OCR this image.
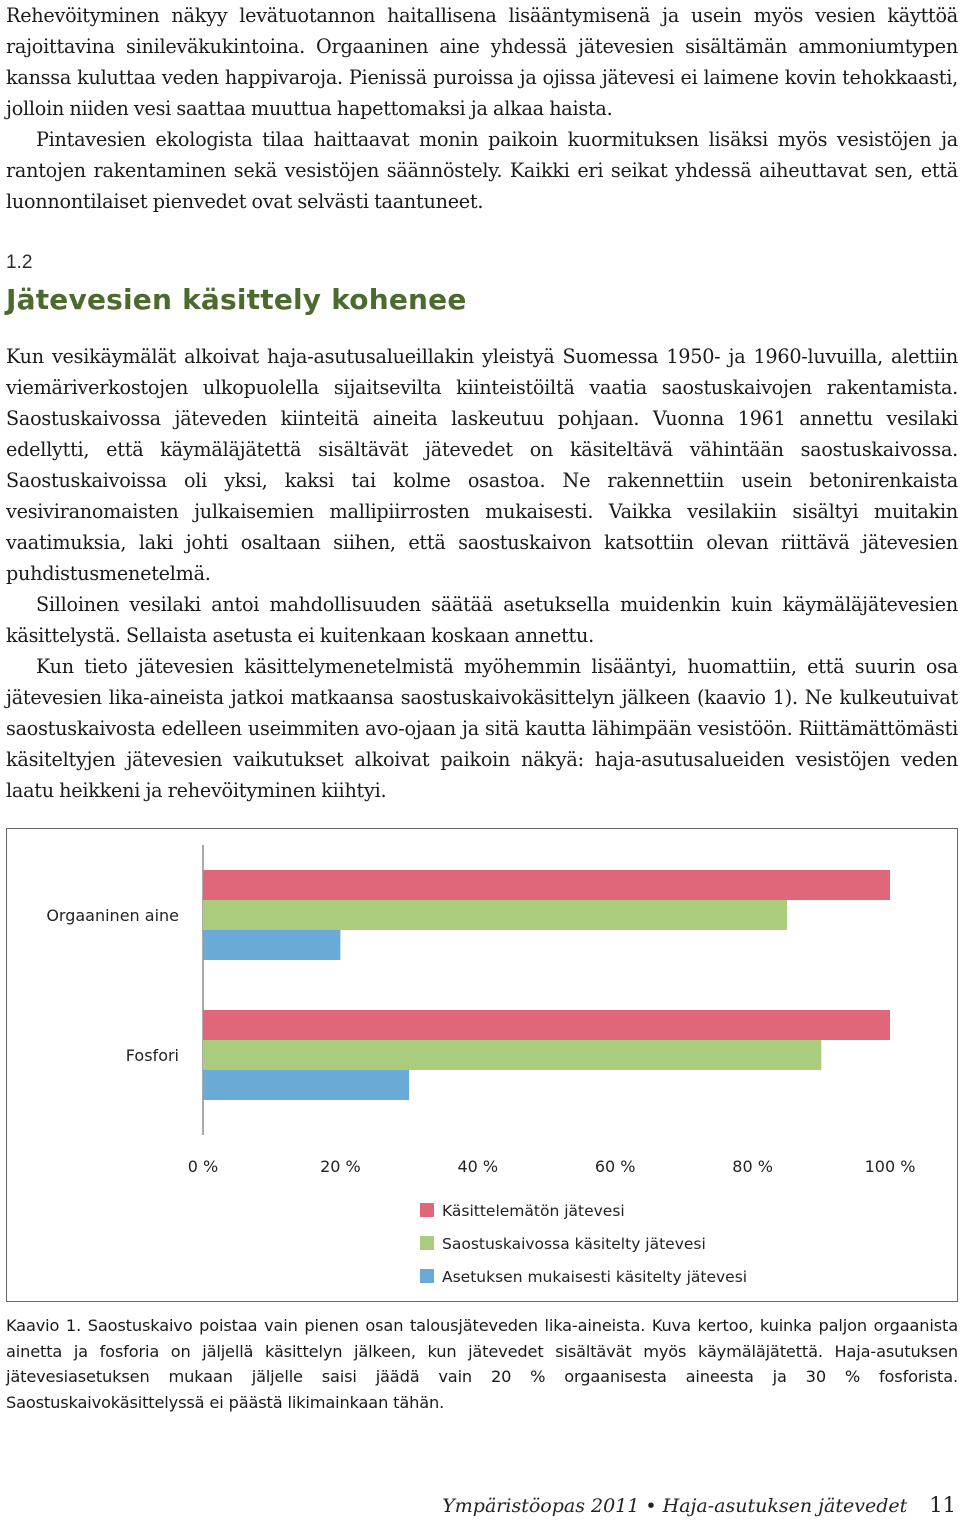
Rehevöityminen näkyy levätuotannon haitallisena lisääntymisenä ja usein myös vesien käyttöä rajoittavina sinileväkukintoina. Orgaaninen aine yhdessä jätevesien sisältämän ammoniumtypen kanssa kuluttaa veden happivaroja. Pienissä puroissa ja ojissa jätevesi ei laimene kovin tehokkaasti, jolloin niiden vesi saattaa muuttua hapettomaksi ja alkaa haista.

Pintavesien ekologista tilaa haittaavat monin paikoin kuormituksen lisäksi myös vesistöjen ja rantojen rakentaminen sekä vesistöjen säännöstely. Kaikki eri seikat yhdessä aiheuttavat sen, että luonnontilaiset pienvedet ovat selvästi taantuneet.

1.2
Jätevesien käsittely kohenee

Kun vesikäymälät alkoivat haja-asutusalueillakin yleistyä Suomessa 1950- ja 1960-luvuilla, alettiin viemäriverkostojen ulkopuolella sijaitsevilta kiinteistöiltä vaatia saostuskaivojen rakentamista. Saostuskaivossa jäteveden kiinteitä aineita laskeutuu pohjaan. Vuonna 1961 annettu vesilaki edellytti, että käymäläjätettä sisältävät jätevedet on käsiteltävä vähintään saostuskaivossa. Saostuskaivoissa oli yksi, kaksi tai kolme osastoa. Ne rakennettiin usein betonirenkaista vesiviranomaisten julkaisemien mallipiirrosten mukaisesti. Vaikka vesilakiin sisältyi muitakin vaatimuksia, laki johti osaltaan siihen, että saostuskaivon katsottiin olevan riittävä jätevesien puhdistusmenetelmä.

Silloinen vesilaki antoi mahdollisuuden säätää asetuksella muidenkin kuin käymäläjätevesien käsittelystä. Sellaista asetusta ei kuitenkaan koskaan annettu.

Kun tieto jätevesien käsittelymenetelmistä myöhemmin lisääntyi, huomattiin, että suurin osa jätevesien lika-aineista jatkoi matkaansa saostuskaivokäsittelyn jälkeen (kaavio 1). Ne kulkeutuivat saostuskaivosta edelleen useimmiten avo-ojaan ja sitä kautta lähimpään vesistöön. Riittämättömästi käsiteltyjen jätevesien vaikutukset alkoivat paikoin näkyä: haja-asutusalueiden vesistöjen veden laatu heikkeni ja rehevöityminen kiihtyi.

Orgaaninen aine
Fosfori
0 %	20 %	40 %	60 %	80 %	100 %
Käsittelemätön jätevesi
Saostuskaivossa käsitelty jätevesi
Asetuksen mukaisesti käsitelty jätevesi

Kaavio 1. Saostuskaivo poistaa vain pienen osan talousjäteveden lika-aineista. Kuva kertoo, kuinka paljon orgaanista ainetta ja fosforia on jäljellä käsittelyn jälkeen, kun jätevedet sisältävät myös käymäläjätettä. Haja-asutuksen jätevesiasetuksen mukaan jäljelle saisi jäädä vain 20 % orgaanisesta aineesta ja 30 % fosforista. Saostuskaivokäsittelyssä ei päästä likimainkaan tähän.

Ympäristöopas 2011 • Haja-asutuksen jätevedet 11
